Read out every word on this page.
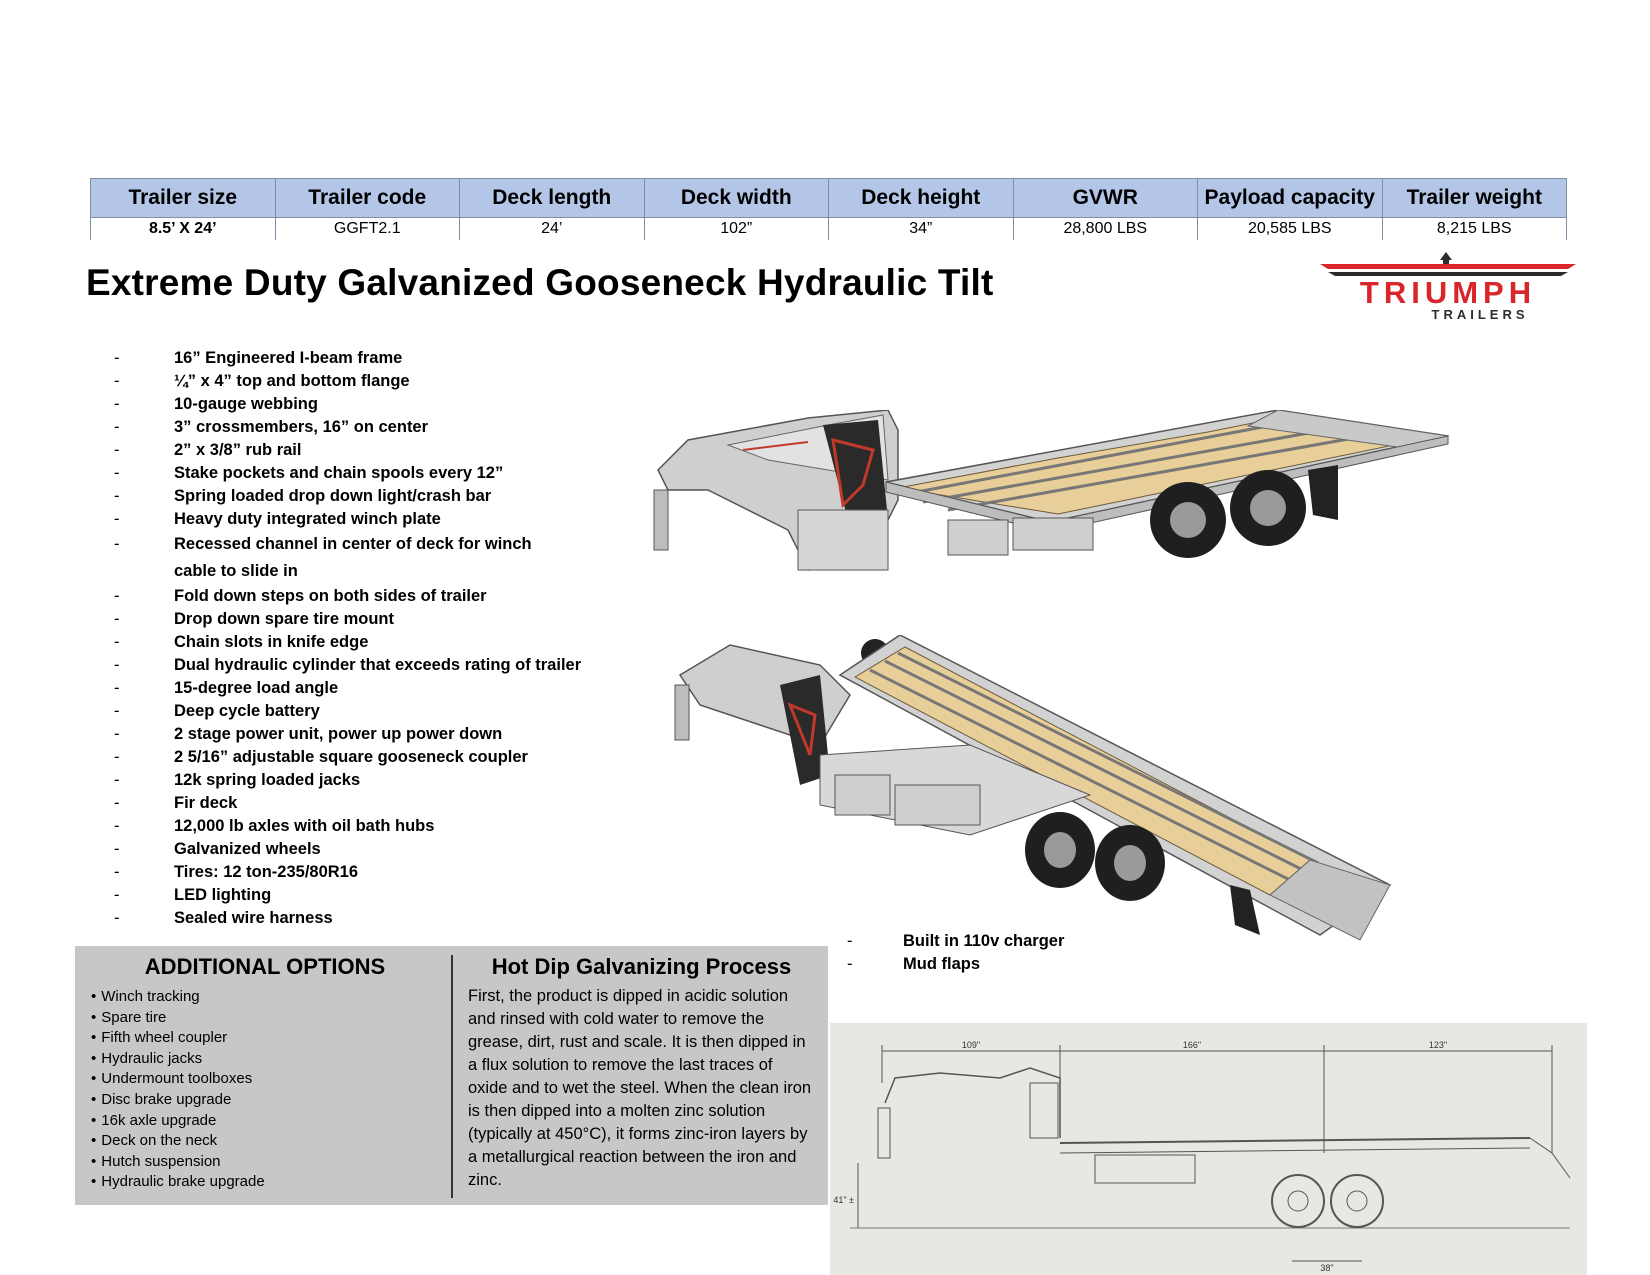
Trailer size	Trailer code	Deck length	Deck width	Deck height	GVWR	Payload capacity	Trailer weight
8.5’ X 24’	GGFT2.1	24’	102”	34”	28,800 LBS	20,585 LBS	8,215 LBS
Extreme Duty Galvanized Gooseneck Hydraulic Tilt	TRIUMPH
TRAILERS
-	16” Engineered I-beam frame
-	¼” x 4” top and bottom flange
-	10-gauge webbing
-	3” crossmembers, 16” on center
-	2” x 3/8” rub rail
-	Stake pockets and chain spools every 12”
-	Spring loaded drop down light/crash bar
-	Heavy duty integrated winch plate
-	Recessed channel in center of deck for winch cable to slide in
-	Fold down steps on both sides of trailer
-	Drop down spare tire mount
-	Chain slots in knife edge
-	Dual hydraulic cylinder that exceeds rating of trailer
-	15-degree load angle
-	Deep cycle battery
-	2 stage power unit, power up power down
-	2 5/16” adjustable square gooseneck coupler
-	12k spring loaded jacks
-	Fir deck
-	12,000 lb axles with oil bath hubs
-	Galvanized wheels
-	Tires: 12 ton-235/80R16
-	LED lighting
-	Sealed wire harness
-	Built in 110v charger
-	Mud flaps
ADDITIONAL OPTIONS
• Winch tracking
• Spare tire
• Fifth wheel coupler
• Hydraulic jacks
• Undermount toolboxes
• Disc brake upgrade
• 16k axle upgrade
• Deck on the neck
• Hutch suspension
• Hydraulic brake upgrade
Hot Dip Galvanizing Process

First, the product is dipped in acidic solution and rinsed with cold water to remove the grease, dirt, rust and scale. It is then dipped in a flux solution to remove the last traces of oxide and to wet the steel. When the clean iron is then dipped into a molten zinc solution (typically at 450°C), it forms zinc-iron layers by a metallurgical reaction between the iron and zinc.

109"	166"	123"
41" ±
38"
